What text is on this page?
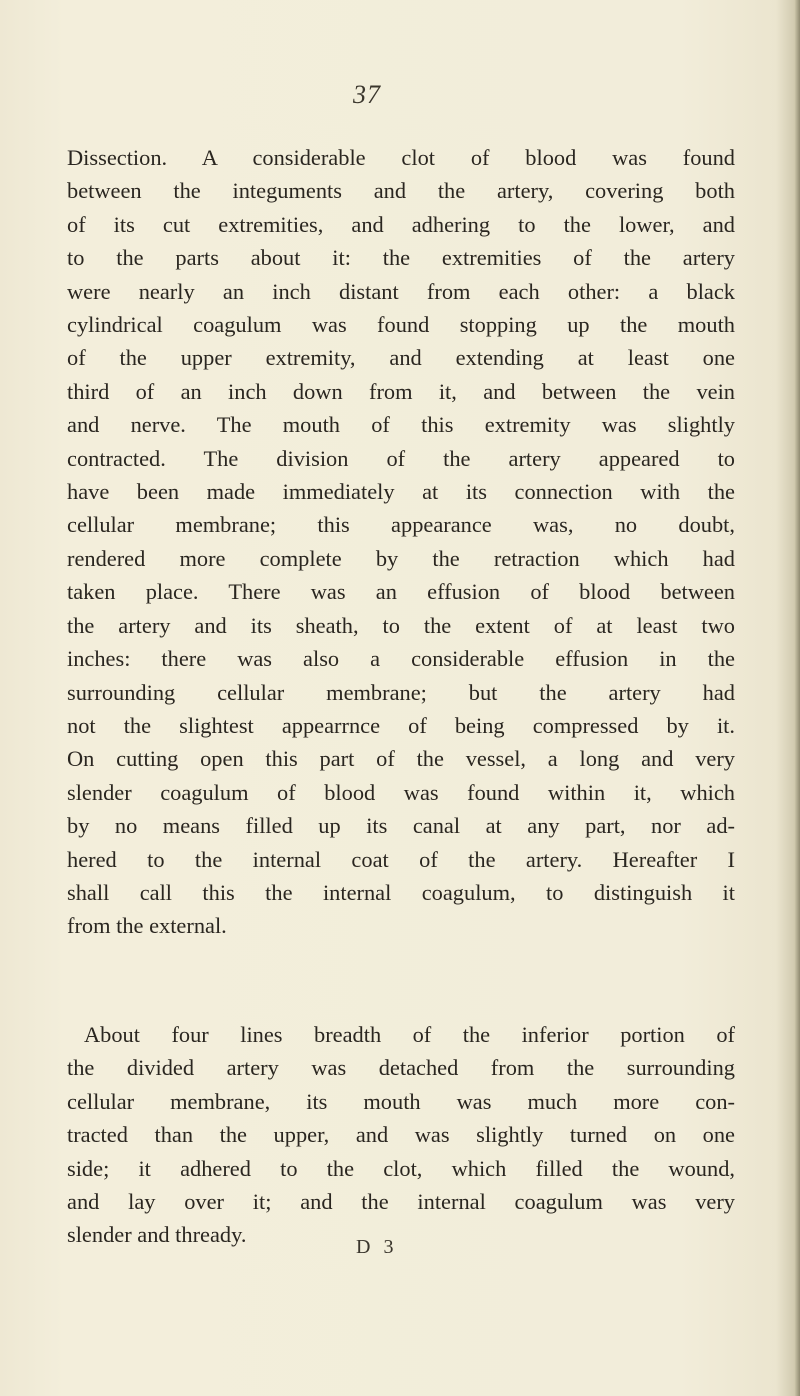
37
Dissection. A considerable clot of blood was found
between the integuments and the artery, covering both
of its cut extremities, and adhering to the lower, and
to the parts about it: the extremities of the artery
were nearly an inch distant from each other: a black
cylindrical coagulum was found stopping up the mouth
of the upper extremity, and extending at least one
third of an inch down from it, and between the vein
and nerve. The mouth of this extremity was slightly
contracted. The division of the artery appeared to
have been made immediately at its connection with the
cellular membrane; this appearance was, no doubt,
rendered more complete by the retraction which had
taken place. There was an effusion of blood between
the artery and its sheath, to the extent of at least two
inches: there was also a considerable effusion in the
surrounding cellular membrane; but the artery had
not the slightest appearrnce of being compressed by it.
On cutting open this part of the vessel, a long and very
slender coagulum of blood was found within it, which
by no means filled up its canal at any part, nor ad-
hered to the internal coat of the artery. Hereafter I
shall call this the internal coagulum, to distinguish it
from the external.
About four lines breadth of the inferior portion of
the divided artery was detached from the surrounding
cellular membrane, its mouth was much more con-
tracted than the upper, and was slightly turned on one
side; it adhered to the clot, which filled the wound,
and lay over it; and the internal coagulum was very
slender and thready.	D 3
